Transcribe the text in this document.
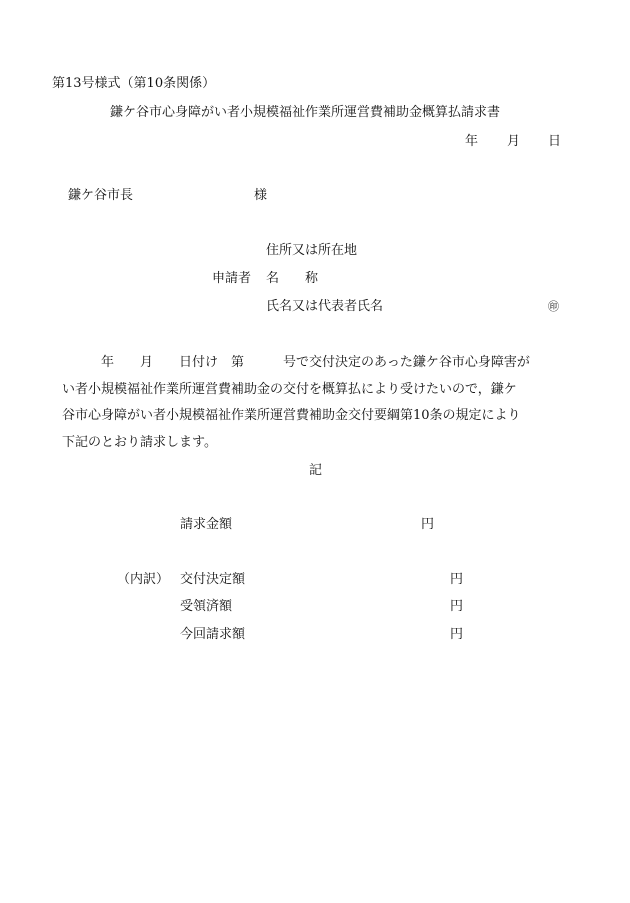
第13号様式（第10条関係）
鎌ケ谷市心身障がい者小規模福祉作業所運営費補助金概算払請求書
年 月 日
鎌ケ谷市長	様
住所又は所在地
申請者 名　　称
氏名又は代表者氏名	㊞
　　　年　　月　　日付け　第　　　号で交付決定のあった鎌ケ谷市心身障害が
い者小規模福祉作業所運営費補助金の交付を概算払により受けたいので，鎌ケ
谷市心身障がい者小規模福祉作業所運営費補助金交付要綱第10条の規定により
下記のとおり請求します。
記
請求金額	円
（内訳） 交付決定額	円
受領済額	円
今回請求額	円
